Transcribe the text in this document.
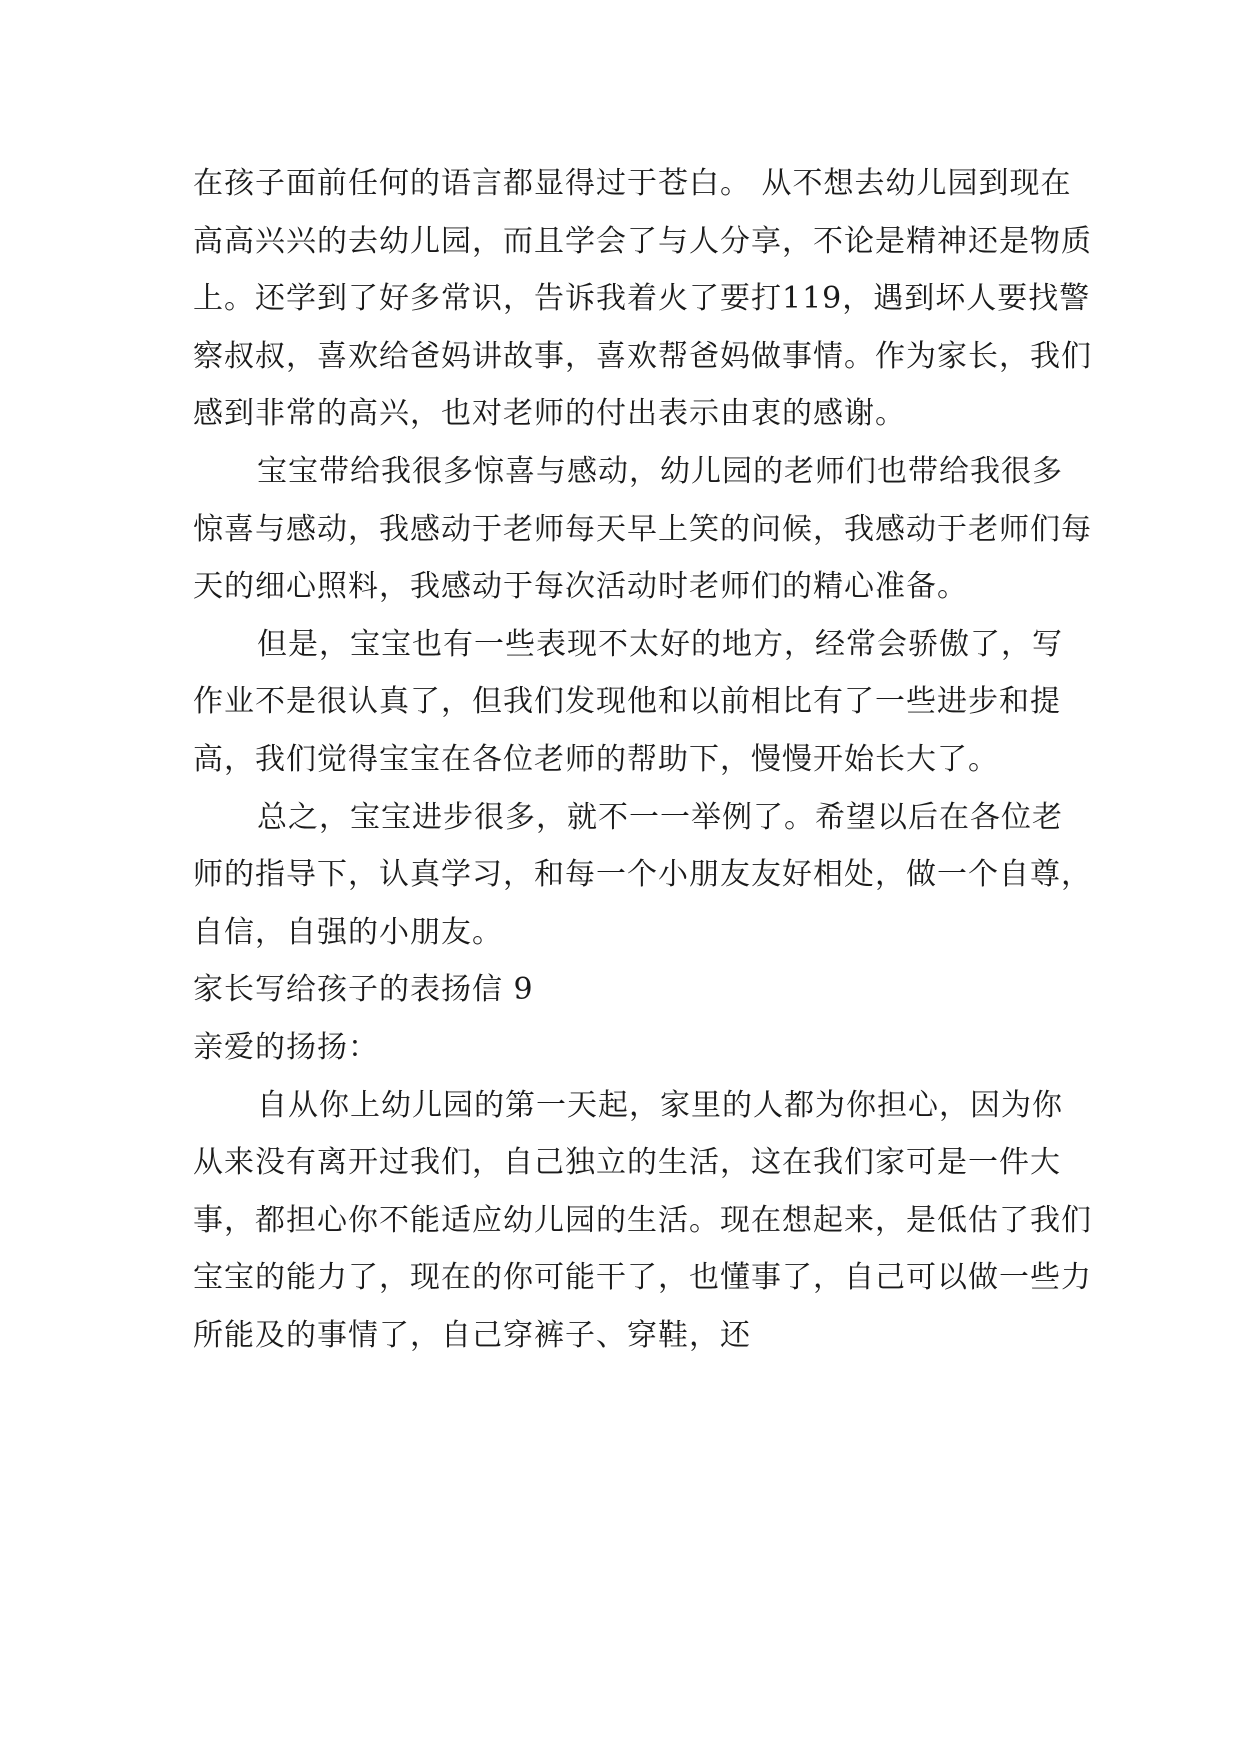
在孩子面前任何的语言都显得过于苍白。 从不想去幼儿园到现在高高兴兴的去幼儿园，而且学会了与人分享，不论是精神还是物质上。还学到了好多常识，告诉我着火了要打119，遇到坏人要找警察叔叔，喜欢给爸妈讲故事，喜欢帮爸妈做事情。作为家长，我们感到非常的高兴，也对老师的付出表示由衷的感谢。

宝宝带给我很多惊喜与感动，幼儿园的老师们也带给我很多惊喜与感动，我感动于老师每天早上笑的问候，我感动于老师们每天的细心照料，我感动于每次活动时老师们的精心准备。

但是，宝宝也有一些表现不太好的地方，经常会骄傲了，写作业不是很认真了，但我们发现他和以前相比有了一些进步和提高，我们觉得宝宝在各位老师的帮助下，慢慢开始长大了。

总之，宝宝进步很多，就不一一举例了。希望以后在各位老师的指导下，认真学习，和每一个小朋友友好相处，做一个自尊，自信，自强的小朋友。

家长写给孩子的表扬信 9

亲爱的扬扬：

自从你上幼儿园的第一天起，家里的人都为你担心，因为你从来没有离开过我们，自己独立的生活，这在我们家可是一件大事，都担心你不能适应幼儿园的生活。现在想起来，是低估了我们宝宝的能力了，现在的你可能干了，也懂事了，自己可以做一些力所能及的事情了，自己穿裤子、穿鞋，还
